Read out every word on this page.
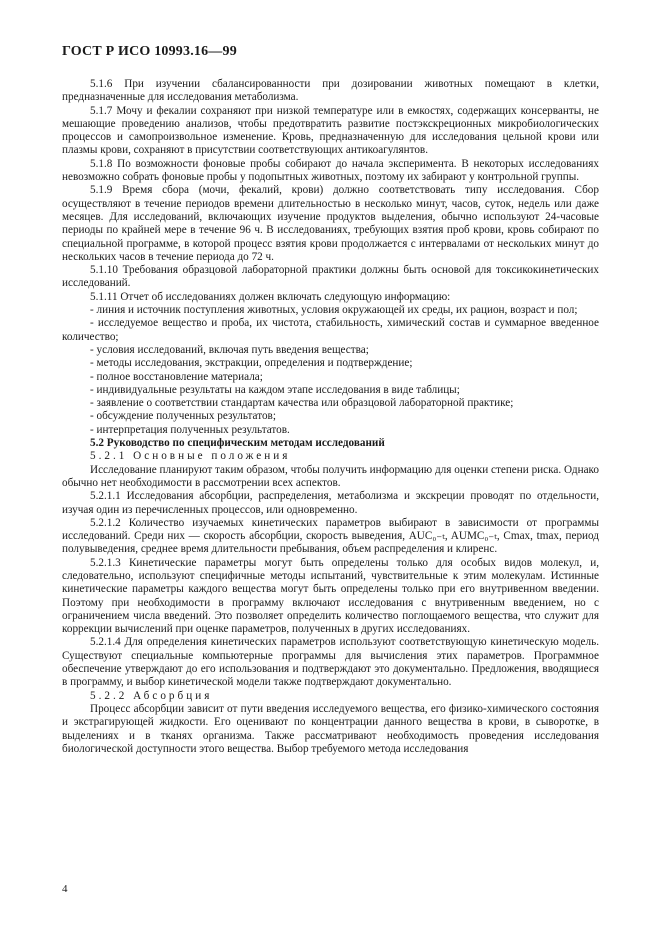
ГОСТ Р ИСО 10993.16—99

5.1.6 При изучении сбалансированности при дозировании животных помещают в клетки, предназначенные для исследования метаболизма.

5.1.7 Мочу и фекалии сохраняют при низкой температуре или в емкостях, содержащих консерванты, не мешающие проведению анализов, чтобы предотвратить развитие постэкскреционных микробиологических процессов и самопроизвольное изменение. Кровь, предназначенную для исследования цельной крови или плазмы крови, сохраняют в присутствии соответствующих антикоагулянтов.

5.1.8 По возможности фоновые пробы собирают до начала эксперимента. В некоторых исследованиях невозможно собрать фоновые пробы у подопытных животных, поэтому их забирают у контрольной группы.

5.1.9 Время сбора (мочи, фекалий, крови) должно соответствовать типу исследования. Сбор осуществляют в течение периодов времени длительностью в несколько минут, часов, суток, недель или даже месяцев. Для исследований, включающих изучение продуктов выделения, обычно используют 24-часовые периоды по крайней мере в течение 96 ч. В исследованиях, требующих взятия проб крови, кровь собирают по специальной программе, в которой процесс взятия крови продолжается с интервалами от нескольких минут до нескольких часов в течение периода до 72 ч.

5.1.10 Требования образцовой лабораторной практики должны быть основой для токсикокинетических исследований.

5.1.11 Отчет об исследованиях должен включать следующую информацию:

- линия и источник поступления животных, условия окружающей их среды, их рацион, возраст и пол;

- исследуемое вещество и проба, их чистота, стабильность, химический состав и суммарное введенное количество;

- условия исследований, включая путь введения вещества;

- методы исследования, экстракции, определения и подтверждение;

- полное восстановление материала;

- индивидуальные результаты на каждом этапе исследования в виде таблицы;

- заявление о соответствии стандартам качества или образцовой лабораторной практике;

- обсуждение полученных результатов;

- интерпретация полученных результатов.

5.2 Руководство по специфическим методам исследований

5.2.1 Основные положения

Исследование планируют таким образом, чтобы получить информацию для оценки степени риска. Однако обычно нет необходимости в рассмотрении всех аспектов.

5.2.1.1 Исследования абсорбции, распределения, метаболизма и экскреции проводят по отдельности, изучая один из перечисленных процессов, или одновременно.

5.2.1.2 Количество изучаемых кинетических параметров выбирают в зависимости от программы исследований. Среди них — скорость абсорбции, скорость выведения, AUC₀₋ₜ, AUMC₀₋ₜ, Cmax, tmax, период полувыведения, среднее время длительности пребывания, объем распределения и клиренс.

5.2.1.3 Кинетические параметры могут быть определены только для особых видов молекул, и, следовательно, используют специфичные методы испытаний, чувствительные к этим молекулам. Истинные кинетические параметры каждого вещества могут быть определены только при его внутривенном введении. Поэтому при необходимости в программу включают исследования с внутривенным введением, но с ограничением числа введений. Это позволяет определить количество поглощаемого вещества, что служит для коррекции вычислений при оценке параметров, полученных в других исследованиях.

5.2.1.4 Для определения кинетических параметров используют соответствующую кинетическую модель. Существуют специальные компьютерные программы для вычисления этих параметров. Программное обеспечение утверждают до его использования и подтверждают это документально. Предложения, вводящиеся в программу, и выбор кинетической модели также подтверждают документально.

5.2.2 Абсорбция

Процесс абсорбции зависит от пути введения исследуемого вещества, его физико-химического состояния и экстрагирующей жидкости. Его оценивают по концентрации данного вещества в крови, в сыворотке, в выделениях и в тканях организма. Также рассматривают необходимость проведения исследования биологической доступности этого вещества. Выбор требуемого метода исследования

4
